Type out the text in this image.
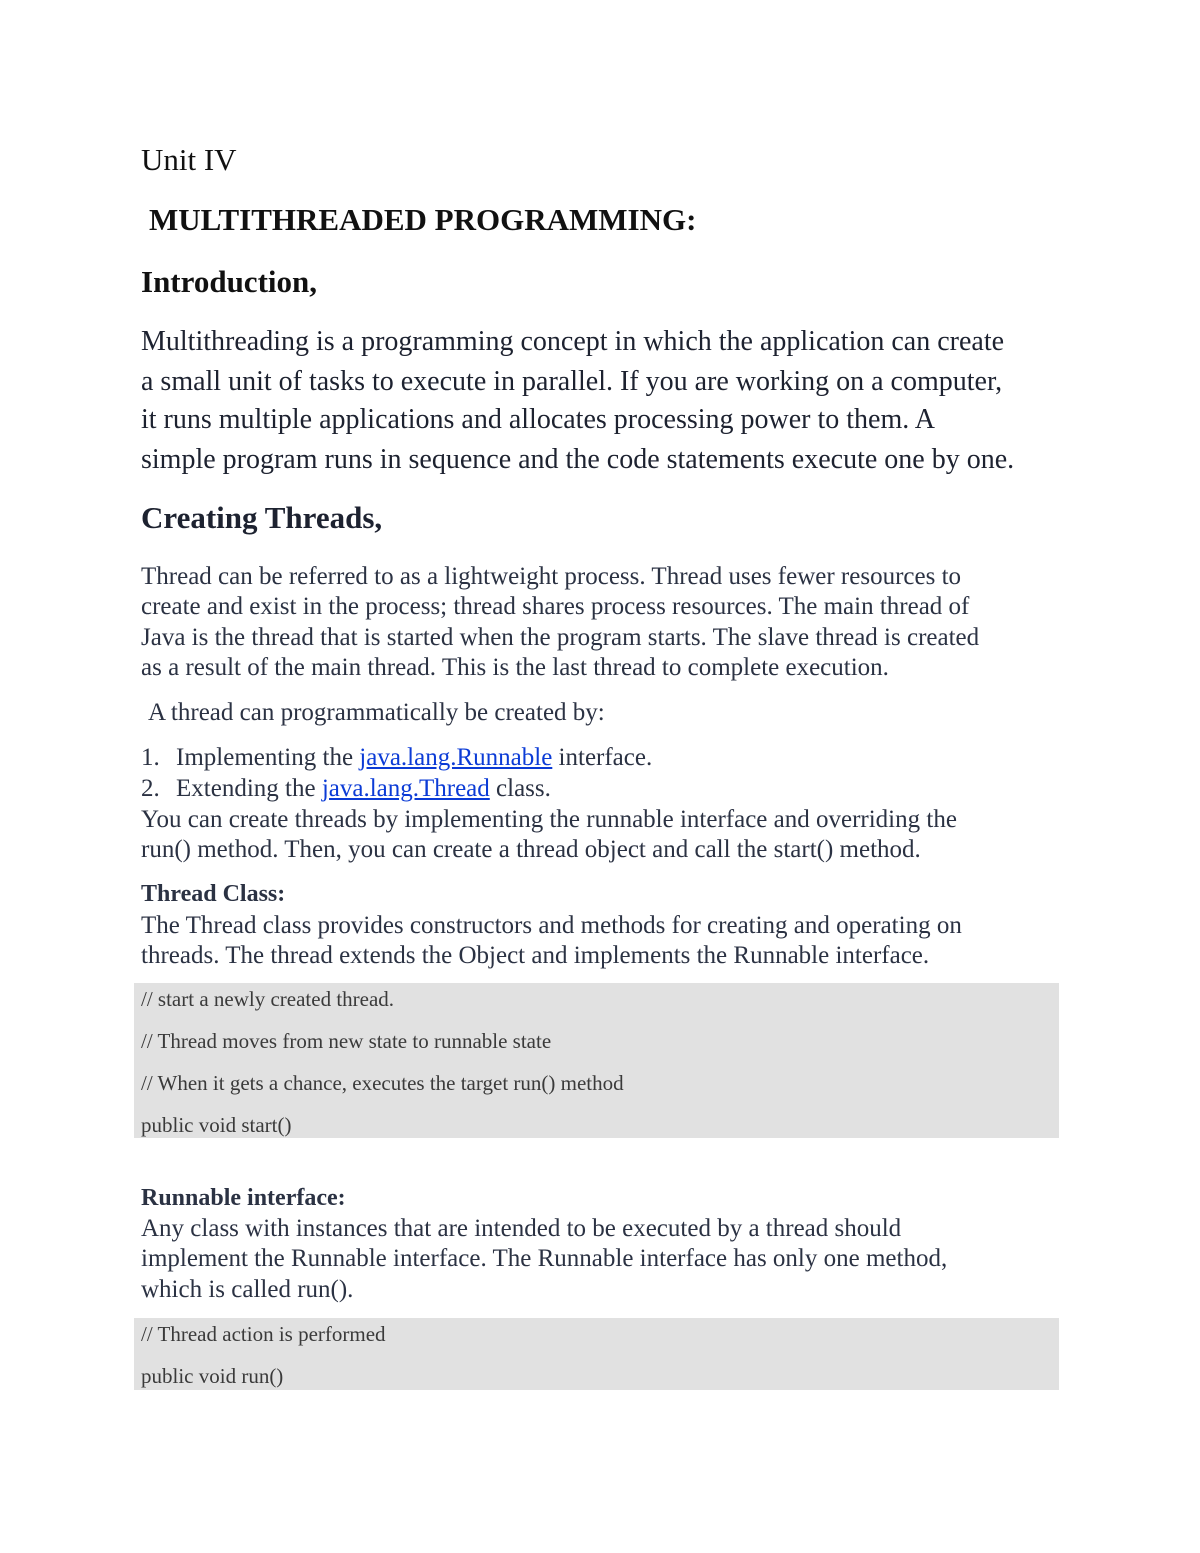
Unit IV

MULTITHREADED PROGRAMMING:

Introduction,

Multithreading is a programming concept in which the application can create

a small unit of tasks to execute in parallel. If you are working on a computer,

it runs multiple applications and allocates processing power to them. A

simple program runs in sequence and the code statements execute one by one.

Creating Threads,

Thread can be referred to as a lightweight process. Thread uses fewer resources to

create and exist in the process; thread shares process resources. The main thread of

Java is the thread that is started when the program starts. The slave thread is created

as a result of the main thread. This is the last thread to complete execution.

A thread can programmatically be created by:

1. Implementing the java.lang.Runnable interface.

2. Extending the java.lang.Thread class.

You can create threads by implementing the runnable interface and overriding the

run() method. Then, you can create a thread object and call the start() method.

Thread Class:

The Thread class provides constructors and methods for creating and operating on

threads. The thread extends the Object and implements the Runnable interface.

// start a newly created thread.

// Thread moves from new state to runnable state

// When it gets a chance, executes the target run() method

public void start()

Runnable interface:

Any class with instances that are intended to be executed by a thread should

implement the Runnable interface. The Runnable interface has only one method,

which is called run().

// Thread action is performed

public void run()
